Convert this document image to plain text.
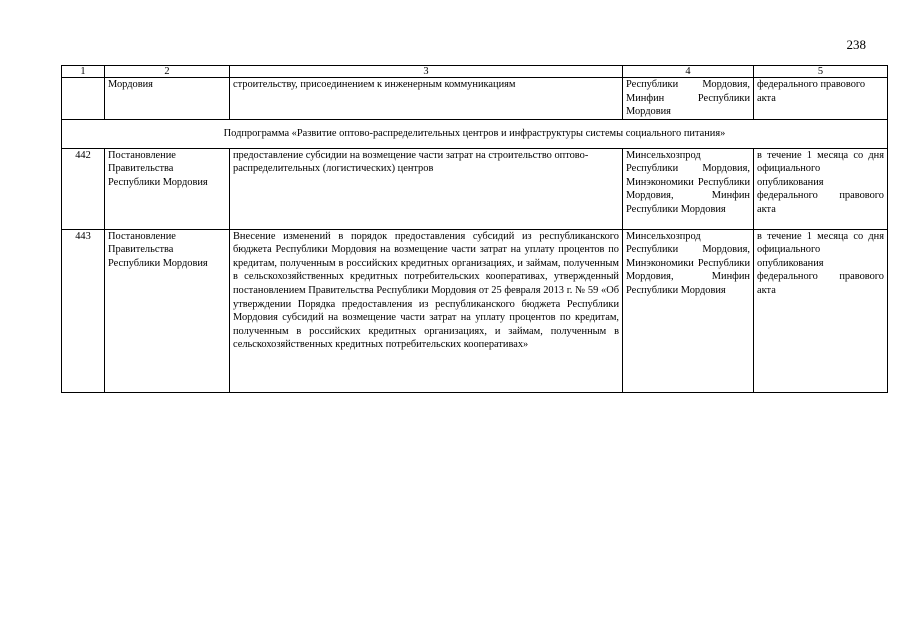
238
1	2	3	4	5
	Мордовия	строительству, присоединением к инженерным коммуникациям	Республики Мордовия, Минфин Республики Мордовия	федерального правового акта
Подпрограмма «Развитие оптово-распределительных центров и инфраструктуры системы социального питания»				
442	Постановление Правительства Республики Мордовия	предоставление субсидии на возмещение части затрат на строительство оптово-распределительных (логистических) центров	Минсельхозпрод Республики Мордовия, Минэкономики Республики Мордовия, Минфин Республики Мордовия	в течение 1 месяца со дня официального опубликования федерального правового акта
443	Постановление Правительства Республики Мордовия	Внесение изменений в порядок предоставления субсидий из республиканского бюджета Республики Мордовия на возмещение части затрат на уплату процентов по кредитам, полученным в российских кредитных организациях, и займам, полученным в сельскохозяйственных кредитных потребительских кооперативах, утвержденный постановлением Правительства Республики Мордовия от 25 февраля 2013 г. № 59 «Об утверждении Порядка предоставления из республиканского бюджета Республики Мордовия субсидий на возмещение части затрат на уплату процентов по кредитам, полученным в российских кредитных организациях, и займам, полученным в сельскохозяйственных кредитных потребительских кооперативах»	Минсельхозпрод Республики Мордовия, Минэкономики Республики Мордовия, Минфин Республики Мордовия	в течение 1 месяца со дня официального опубликования федерального правового акта
